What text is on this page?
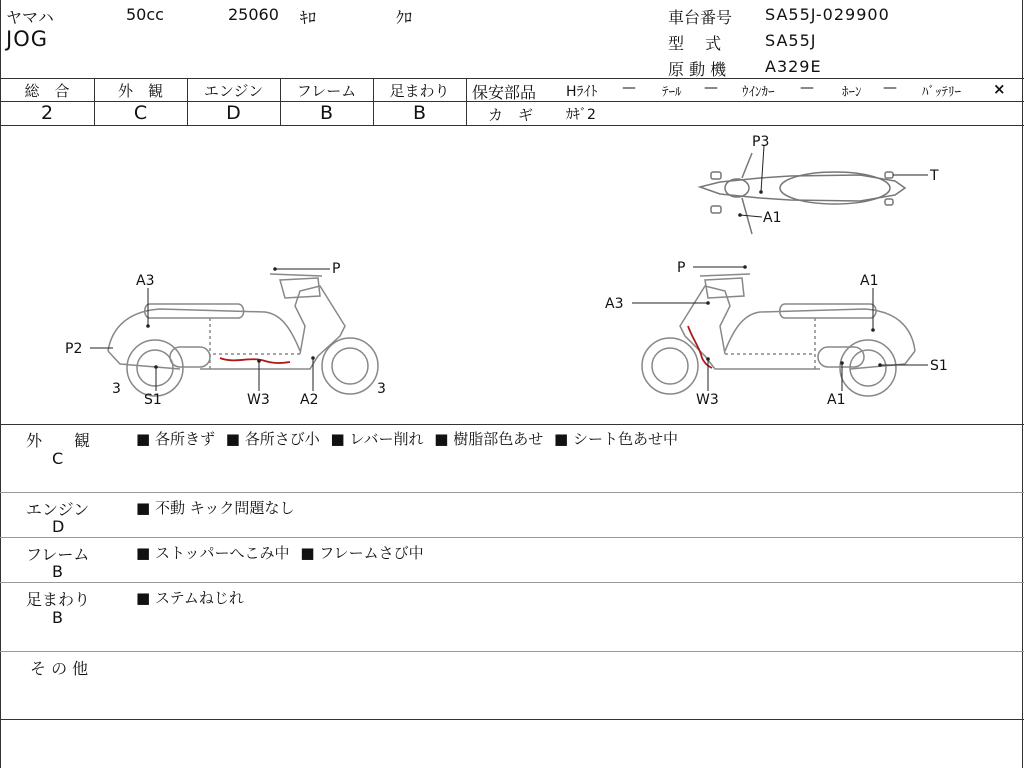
ヤマハ	50cc	25060 ｷﾛ	ｸﾛ
JOG
車台番号 SA55J-029900
型　 式	SA55J
原 動 機 A329E
総　合	外　観	エンジン	フレーム	足まわり
2	C	D	B	B
保安部品 Hﾗｲﾄ — ﾃｰﾙ — ｳｲﾝｶｰ — ﾎｰﾝ — ﾊﾞｯﾃﾘｰ ×
カ　ギ ｶｷﾞ2
P3
T
A1
A3
P
P2
3
S1	W3 A2
3
P
A1
A3
S1
W3	A1
外　　観
C
■ 各所きず ■ 各所さび小 ■ レバー削れ ■ 樹脂部色あせ ■ シート色あせ中
エンジン
D
■ 不動 キック問題なし
フレーム
B
■ ストッパーへこみ中 ■ フレームさび中
足まわり
B
■ ステムねじれ
そ の 他
